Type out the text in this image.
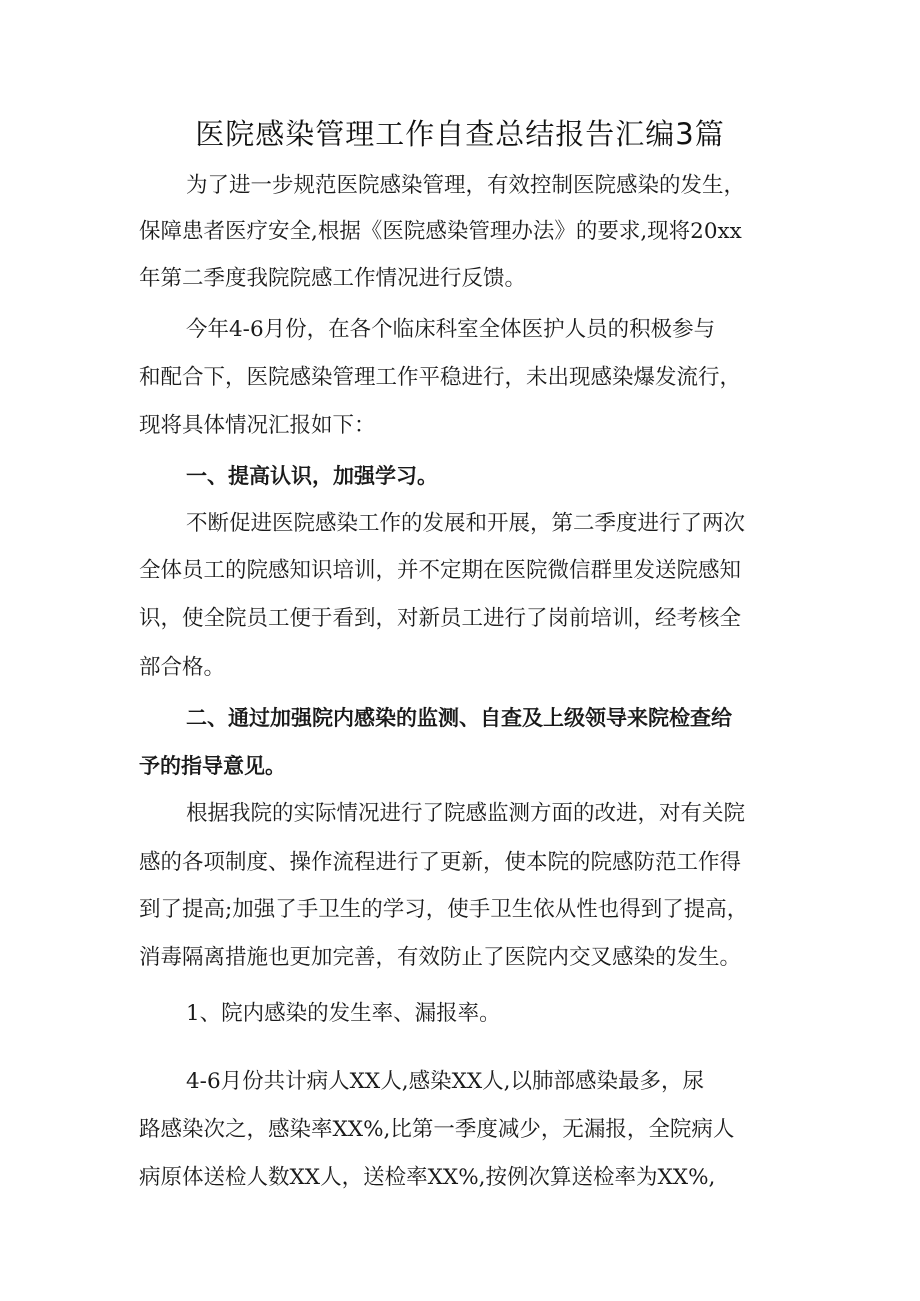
医院感染管理工作自查总结报告汇编3篇
为了进一步规范医院感染管理，有效控制医院感染的发生，
保障患者医疗安全,根据《医院感染管理办法》的要求,现将20xx
年第二季度我院院感工作情况进行反馈。
今年4-6月份，在各个临床科室全体医护人员的积极参与
和配合下，医院感染管理工作平稳进行，未出现感染爆发流行，
现将具体情况汇报如下：
一、提高认识，加强学习。
不断促进医院感染工作的发展和开展，第二季度进行了两次
全体员工的院感知识培训，并不定期在医院微信群里发送院感知
识，使全院员工便于看到，对新员工进行了岗前培训，经考核全
部合格。
二、通过加强院内感染的监测、自查及上级领导来院检查给
予的指导意见。
根据我院的实际情况进行了院感监测方面的改进，对有关院
感的各项制度、操作流程进行了更新，使本院的院感防范工作得
到了提高;加强了手卫生的学习，使手卫生依从性也得到了提高，
消毒隔离措施也更加完善，有效防止了医院内交叉感染的发生。
1、院内感染的发生率、漏报率。
4-6月份共计病人XX人,感染XX人,以肺部感染最多，尿
路感染次之，感染率XX%,比第一季度减少，无漏报，全院病人
病原体送检人数XX人，送检率XX%,按例次算送检率为XX%,
